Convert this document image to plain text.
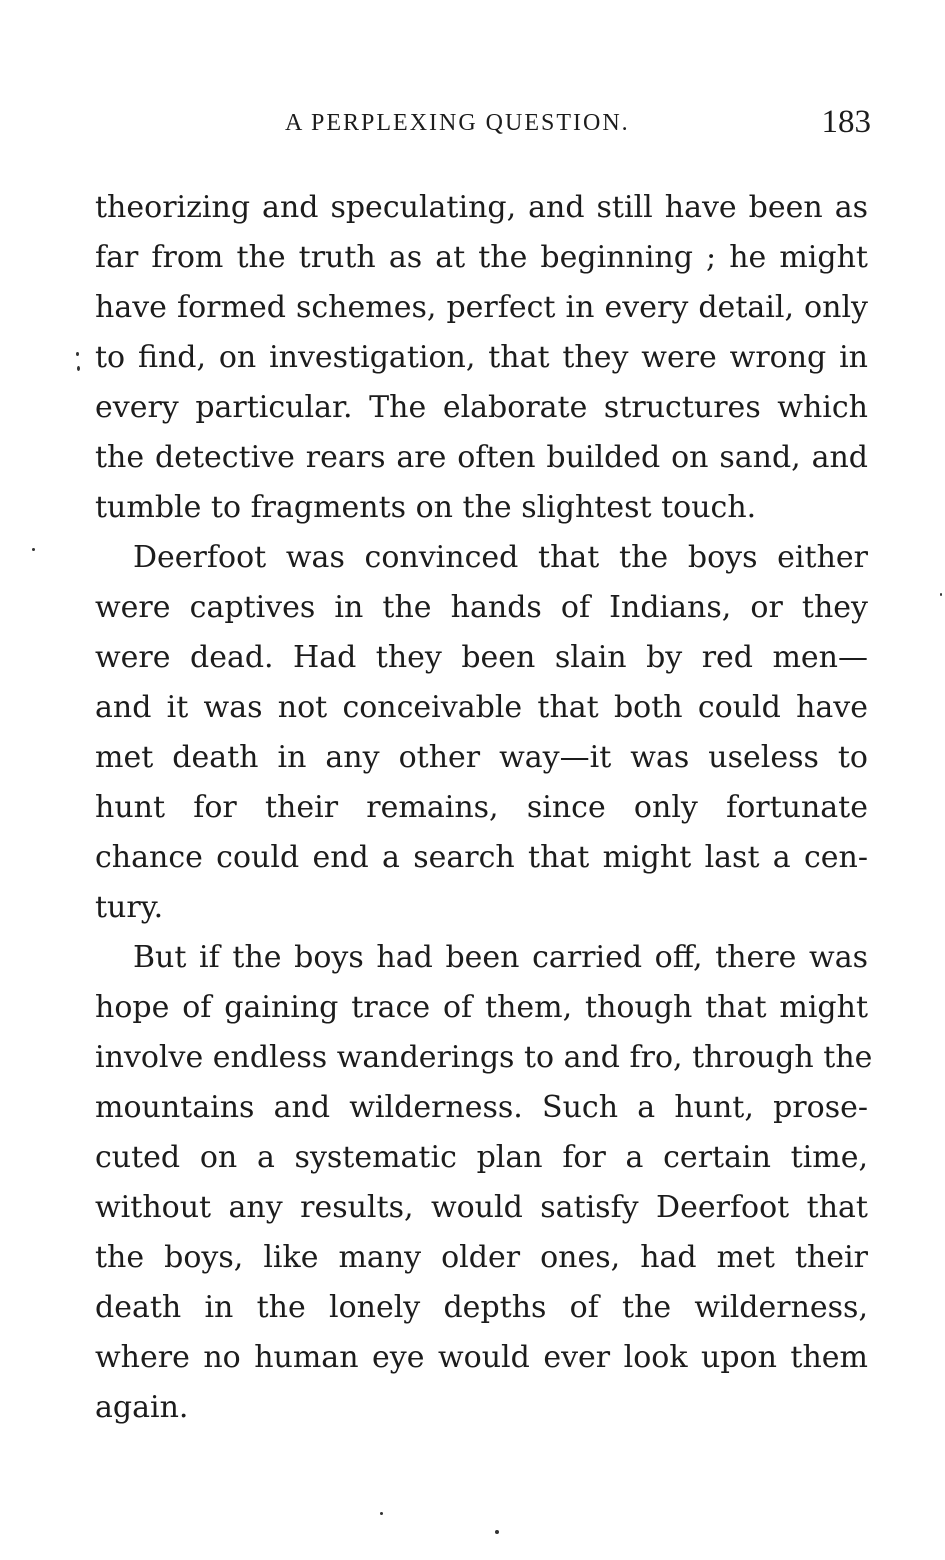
A PERPLEXING QUESTION.	183
theorizing and speculating, and still have been as
far from the truth as at the beginning ; he might
have formed schemes, perfect in every detail, only
to find, on investigation, that they were wrong in
every particular. The elaborate structures which
the detective rears are often builded on sand, and
tumble to fragments on the slightest touch.
Deerfoot was convinced that the boys either
were captives in the hands of Indians, or they
were dead. Had they been slain by red men—
and it was not conceivable that both could have
met death in any other way—it was useless to
hunt for their remains, since only fortunate
chance could end a search that might last a cen-
tury.
But if the boys had been carried off, there was
hope of gaining trace of them, though that might
involve endless wanderings to and fro, through the
mountains and wilderness. Such a hunt, prose-
cuted on a systematic plan for a certain time,
without any results, would satisfy Deerfoot that
the boys, like many older ones, had met their
death in the lonely depths of the wilderness,
where no human eye would ever look upon them
again.
